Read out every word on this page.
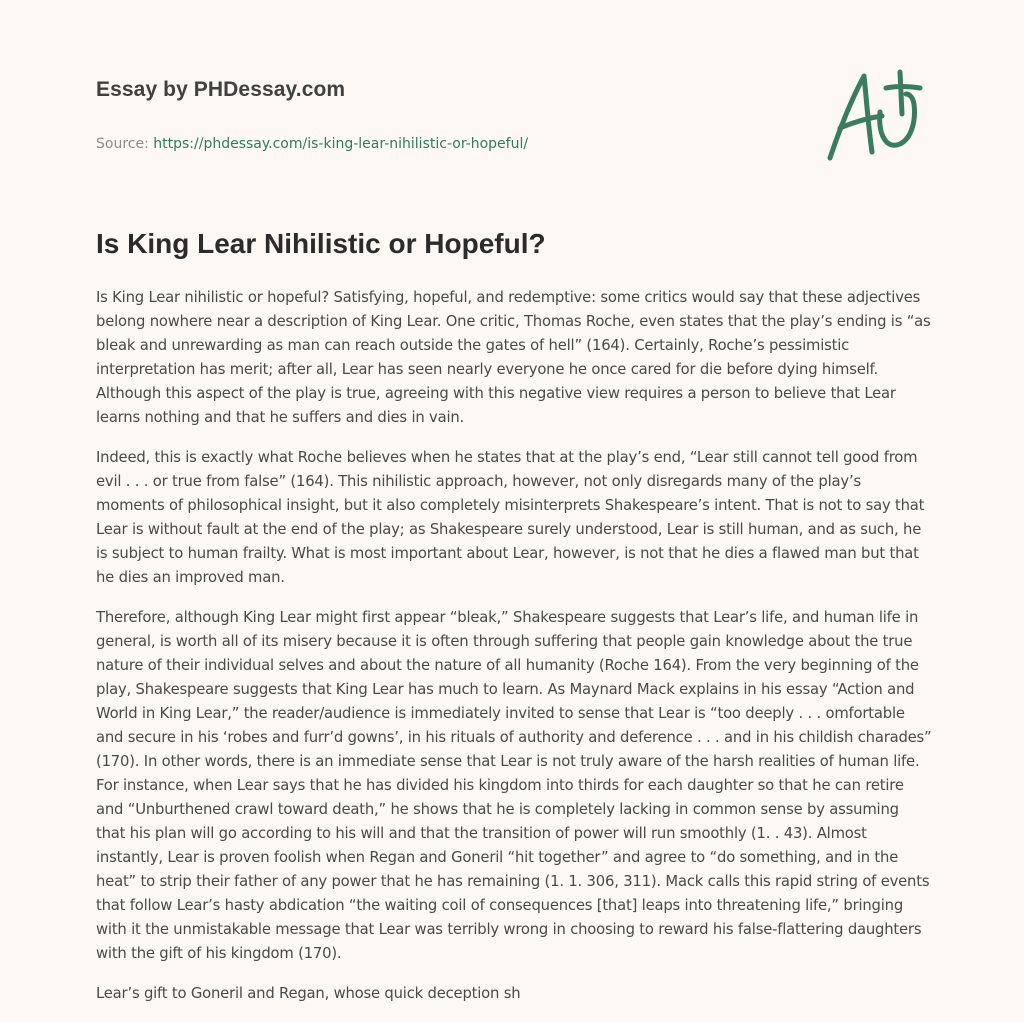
Essay by PHDessay.com
Source: https://phdessay.com/is-king-lear-nihilistic-or-hopeful/
Is King Lear Nihilistic or Hopeful?

Is King Lear nihilistic or hopeful? Satisfying, hopeful, and redemptive: some critics would say that these adjectives belong nowhere near a description of King Lear. One critic, Thomas Roche, even states that the play’s ending is “as bleak and unrewarding as man can reach outside the gates of hell” (164). Certainly, Roche’s pessimistic interpretation has merit; after all, Lear has seen nearly everyone he once cared for die before dying himself. Although this aspect of the play is true, agreeing with this negative view requires a person to believe that Lear learns nothing and that he suffers and dies in vain.

Indeed, this is exactly what Roche believes when he states that at the play’s end, “Lear still cannot tell good from evil . . . or true from false” (164). This nihilistic approach, however, not only disregards many of the play’s moments of philosophical insight, but it also completely misinterprets Shakespeare’s intent. That is not to say that Lear is without fault at the end of the play; as Shakespeare surely understood, Lear is still human, and as such, he is subject to human frailty. What is most important about Lear, however, is not that he dies a flawed man but that he dies an improved man.

Therefore, although King Lear might first appear “bleak,” Shakespeare suggests that Lear’s life, and human life in general, is worth all of its misery because it is often through suffering that people gain knowledge about the true nature of their individual selves and about the nature of all humanity (Roche 164). From the very beginning of the play, Shakespeare suggests that King Lear has much to learn. As Maynard Mack explains in his essay “Action and World in King Lear,” the reader/audience is immediately invited to sense that Lear is “too deeply . . . omfortable and secure in his ‘robes and furr’d gowns’, in his rituals of authority and deference . . . and in his childish charades” (170). In other words, there is an immediate sense that Lear is not truly aware of the harsh realities of human life. For instance, when Lear says that he has divided his kingdom into thirds for each daughter so that he can retire and “Unburthened crawl toward death,” he shows that he is completely lacking in common sense by assuming that his plan will go according to his will and that the transition of power will run smoothly (1. . 43). Almost instantly, Lear is proven foolish when Regan and Goneril “hit together” and agree to “do something, and in the heat” to strip their father of any power that he has remaining (1. 1. 306, 311). Mack calls this rapid string of events that follow Lear’s hasty abdication “the waiting coil of consequences [that] leaps into threatening life,” bringing with it the unmistakable message that Lear was terribly wrong in choosing to reward his false-flattering daughters with the gift of his kingdom (170).

Lear’s gift to Goneril and Regan, whose quick deception sh
